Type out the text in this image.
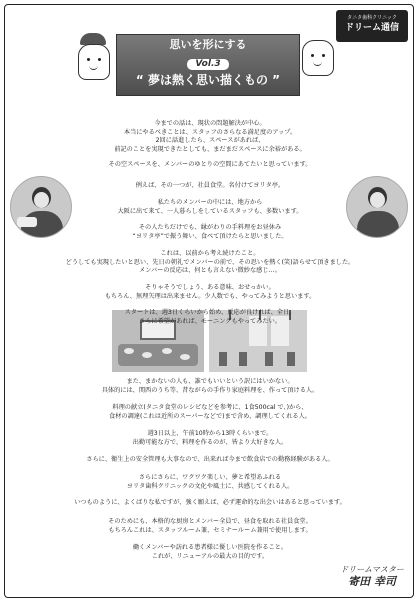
思いを形にする
Vol.3
“ 夢は熱く思い描くもの ”
タニタ歯科クリニック
ドリーム通信
今までの話は、現状の問題解決が中心。
本当にやるべきことは、スタッフのさらなる満足度のアップ。
2回に話進したら、スペースがあれば、
前記のことを実現できたとしても、まだまだスペースに余裕がある。
その空スペースを、メンバーのゆとりの空間にあてたいと思っています。
例えば、その一つが、社員食堂。名付けてヨリタ亭。
私たちのメンバーの中には、地方から
大阪に出て来て、一人暮らしをしているスタッフも、多数います。
その人たちだけでも、縁がわりの手料理をお昼休み
“ヨリタ亭”で振う舞い、食べて頂けたらと思いました。
これは、以前から考え続けたこと。
どうしても実現したいと思い、先日の朝礼でメンバーの前で、その思いを熱く(笑)語らせて頂きました。
メンバーの反応は、何とも言えない微妙な感じ…。
そりゃそうでしょう、ある意味、おせっかい。
もちろん、無理矢理は出来ません。少人数でも、やってみようと思います。
スタートは、週3日くらいから始め、反応が良ければ、全日。
さらに希望があれば、モーニングもやってみたい。
また、まかないの人も、誰でもいいという訳にはいかない。
具体的には、関西のうち等、昔ながらの手作り家庭料理を、作って頂ける人。
料理の献立(タニタ食堂のレシピなどを参考に、1食500cal で、)から、
食材の調達(これは近所のスーパーなどで)まで含め、調理してくれる人。
週3日以上、午前10時から13時くらいまで。
出勤可能な方で、料理を作るのが、皆より大好きな人。
さらに、衛生上の安全管理も大事なので、出来れば今まで飲食店での勤務経験がある人。
さらにさらに、ワクワク楽しい、夢と希望あふれる
ヨリタ歯科クリニックの文化や風土に、共感してくれる人。
いつものように、よくばりな私ですが、強く願えば、必ず運命的な出会いはあると思っています。
そのためにも、本格的な厨房とメンバー全員で、昼食を取れる社員食堂。
もちろんこれは、スタッフルーム兼、セミナールーム兼用で使用します。
働くメンバーや訪れる患者様に優しい医院を作ること。
これが、リニューアルの最大の目的です。
ドリームマスター
寄田 幸司
